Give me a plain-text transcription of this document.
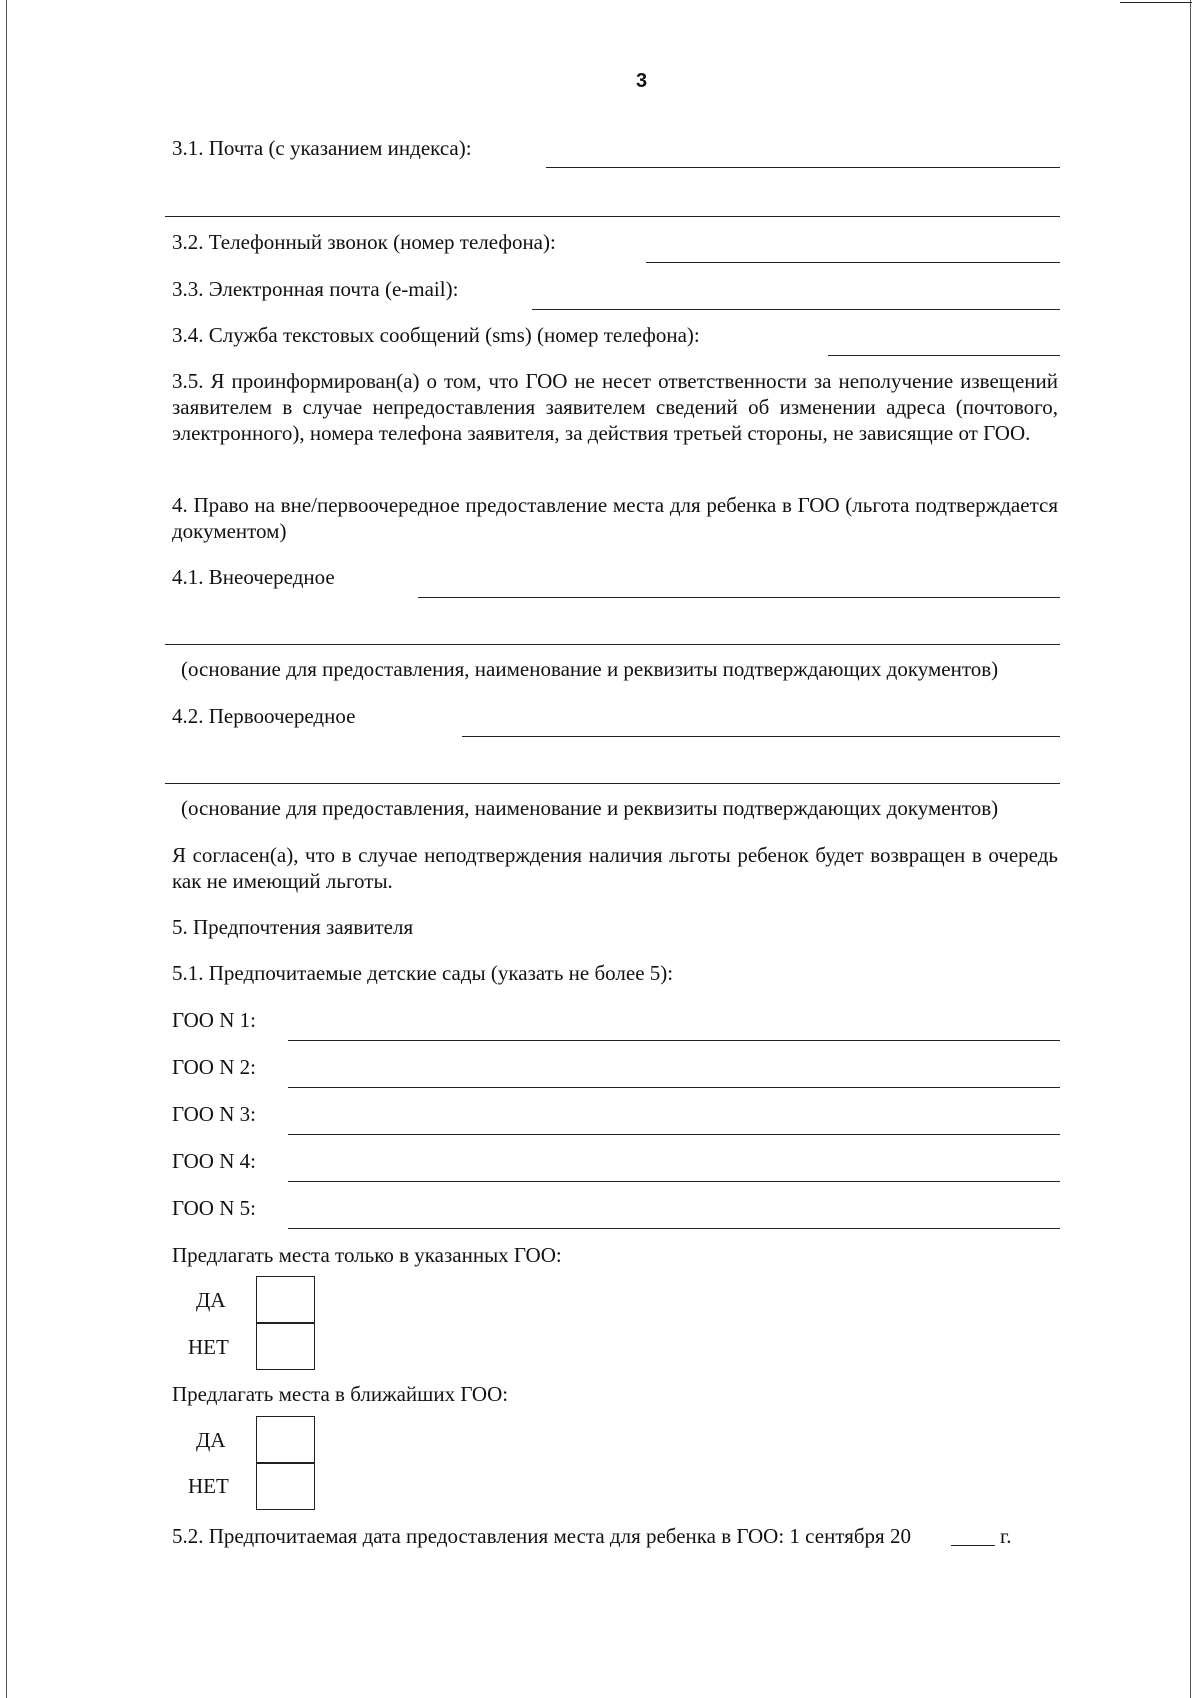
3
3.1. Почта (с указанием индекса):
3.2. Телефонный звонок (номер телефона):
3.3. Электронная почта (e-mail):
3.4. Служба текстовых сообщений (sms) (номер телефона):
3.5. Я проинформирован(а) о том, что ГОО не несет ответственности за неполучение извещений заявителем в случае непредоставления заявителем сведений об изменении адреса (почтового, электронного), номера телефона заявителя, за действия третьей стороны, не зависящие от ГОО.
4. Право на вне/первоочередное предоставление места для ребенка в ГОО (льгота подтверждается документом)
4.1. Внеочередное
(основание для предоставления, наименование и реквизиты подтверждающих документов)
4.2. Первоочередное
(основание для предоставления, наименование и реквизиты подтверждающих документов)
Я согласен(а), что в случае неподтверждения наличия льготы ребенок будет возвращен в очередь как не имеющий льготы.
5. Предпочтения заявителя
5.1. Предпочитаемые детские сады (указать не более 5):
ГОО N 1:
ГОО N 2:
ГОО N 3:
ГОО N 4:
ГОО N 5:
Предлагать места только в указанных ГОО:
ДА
НЕТ
Предлагать места в ближайших ГОО:
ДА
НЕТ
5.2. Предпочитаемая дата предоставления места для ребенка в ГОО: 1 сентября 20	г.
